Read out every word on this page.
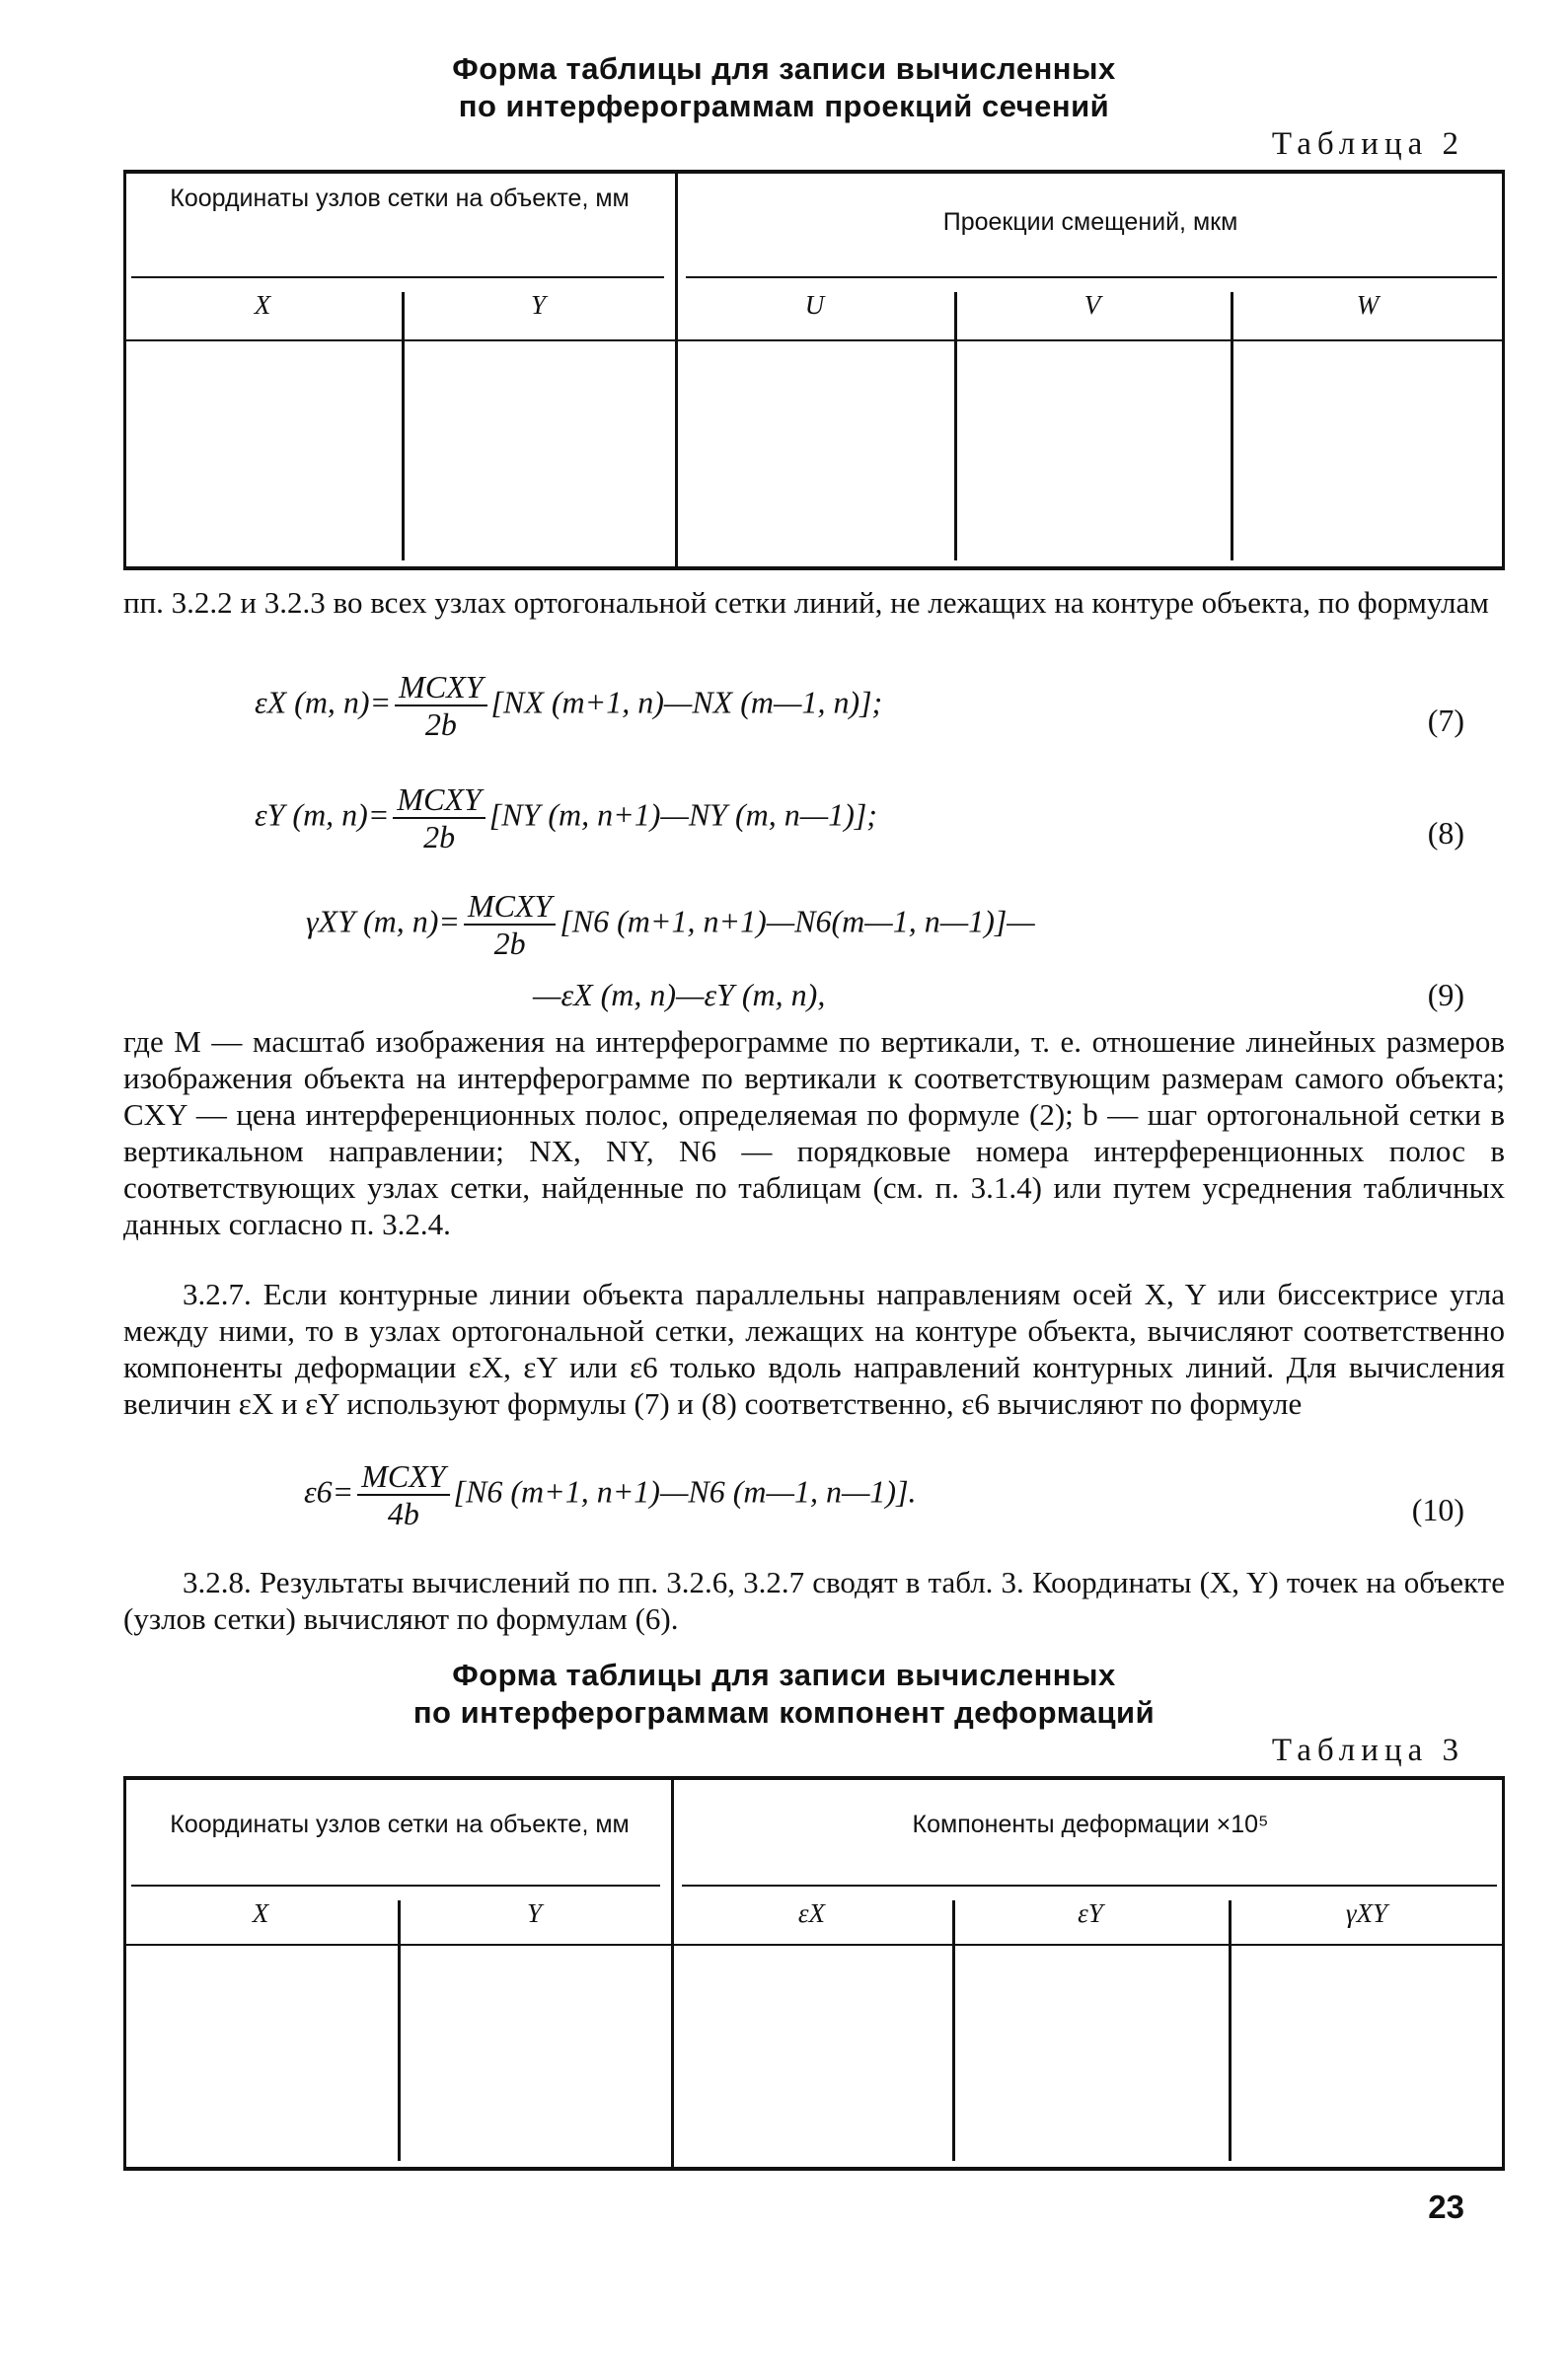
Форма таблицы для записи вычисленных
по интерферограммам проекций сечений
Таблица 2
Координаты узлов сетки на объекте, мм
Проекции смещений, мкм
X	Y	U	V	W
пп. 3.2.2 и 3.2.3 во всех узлах ортогональной сетки линий, не лежащих на контуре объекта, по формулам
εX (m, $n)= \frac{\text{MCXY}}{2b} [NX$ (m+1, n)—NX (m—1, n)];
(7)
εY (m, $n)= \frac{\text{MCXY}}{2b} [NY$ (m, n+1)—NY (m, n—1)];
(8)
γXY (m, $n)= \frac{\text{MCXY}}{2b} [N6$ (m+1, n+1)—N6(m—1, n—1)]—
—εX (m, n)—εY (m, n),	(9)
где M — масштаб изображения на интерферограмме по вертикали, т. е. отношение линейных размеров изображения объекта на интерферограмме по вертикали к соответствующим размерам самого объекта; CXY — цена интерференционных полос, определяемая по формуле (2); b — шаг ортогональной сетки в вертикальном направлении; NX, NY, N6 — порядковые номера интерференционных полос в соответствующих узлах сетки, найденные по таблицам (см. п. 3.1.4) или путем усреднения табличных данных согласно п. 3.2.4.
3.2.7. Если контурные линии объекта параллельны направлениям осей X, Y или биссектрисе угла между ними, то в узлах ортогональной сетки, лежащих на контуре объекта, вычисляют соответственно компоненты деформации εX, εY или ε6 только вдоль направлений контурных линий. Для вычисления величин εX и εY используют формулы (7) и (8) соответственно, ε6 вычисляют по формуле
$\varepsilon 6= \frac{\text{MCXY}}{4b} [N6$ (m+1, n+1)—N6 (m—1, n—1)].
(10)
3.2.8. Результаты вычислений по пп. 3.2.6, 3.2.7 сводят в табл. 3. Координаты (X, Y) точек на объекте (узлов сетки) вычисляют по формулам (6).
Форма таблицы для записи вычисленных
по интерферограммам компонент деформаций
Таблица 3
Координаты узлов сетки на объекте, мм	Компоненты деформации ×10⁵
X	Y	εX	εY	γXY
23
